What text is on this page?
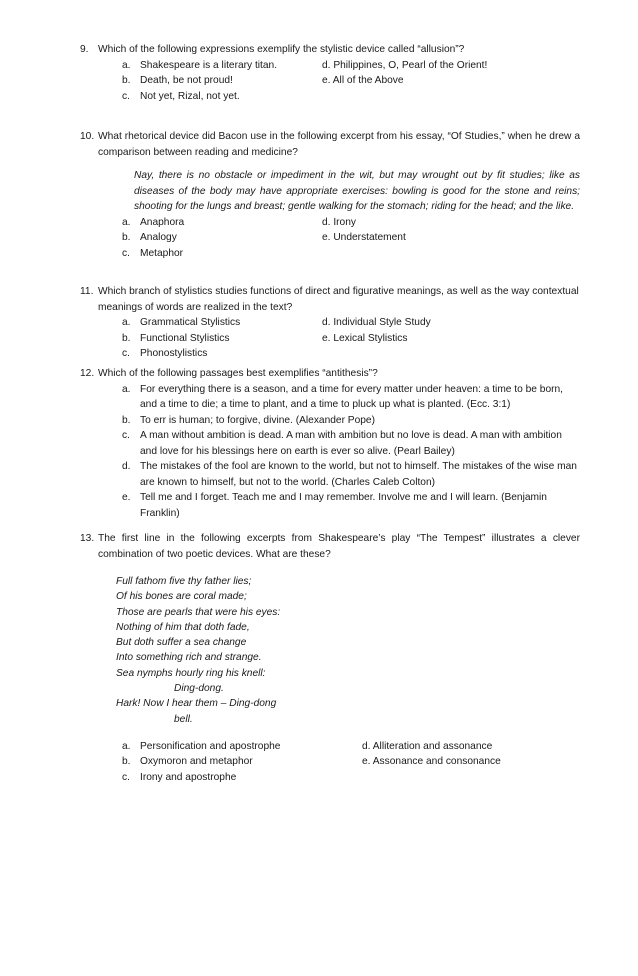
9. Which of the following expressions exemplify the stylistic device called “allusion”?
a. Shakespeare is a literary titan.	d. Philippines, O, Pearl of the Orient!
b. Death, be not proud!	e. All of the Above
c. Not yet, Rizal, not yet.
10. What rhetorical device did Bacon use in the following excerpt from his essay, “Of Studies,” when he drew a comparison between reading and medicine?
Nay, there is no obstacle or impediment in the wit, but may wrought out by fit studies; like as diseases of the body may have appropriate exercises: bowling is good for the stone and reins; shooting for the lungs and breast; gentle walking for the stomach; riding for the head; and the like.
a. Anaphora	d. Irony
b. Analogy	e. Understatement
c. Metaphor
11. Which branch of stylistics studies functions of direct and figurative meanings, as well as the way contextual meanings of words are realized in the text?
a. Grammatical Stylistics	d. Individual Style Study
b. Functional Stylistics	e. Lexical Stylistics
c. Phonostylistics
12. Which of the following passages best exemplifies “antithesis”?
a. For everything there is a season, and a time for every matter under heaven: a time to be born, and a time to die; a time to plant, and a time to pluck up what is planted. (Ecc. 3:1)
b. To err is human; to forgive, divine. (Alexander Pope)
c. A man without ambition is dead. A man with ambition but no love is dead. A man with ambition and love for his blessings here on earth is ever so alive. (Pearl Bailey)
d. The mistakes of the fool are known to the world, but not to himself. The mistakes of the wise man are known to himself, but not to the world. (Charles Caleb Colton)
e. Tell me and I forget. Teach me and I may remember. Involve me and I will learn. (Benjamin Franklin)
13. The first line in the following excerpts from Shakespeare’s play “The Tempest” illustrates a clever combination of two poetic devices. What are these?
Full fathom five thy father lies;
Of his bones are coral made;
Those are pearls that were his eyes:
Nothing of him that doth fade,
But doth suffer a sea change
Into something rich and strange.
Sea nymphs hourly ring his knell:
Ding-dong.
Hark! Now I hear them – Ding-dong
bell.
a. Personification and apostrophe	d. Alliteration and assonance
b. Oxymoron and metaphor	e. Assonance and consonance
c. Irony and apostrophe
